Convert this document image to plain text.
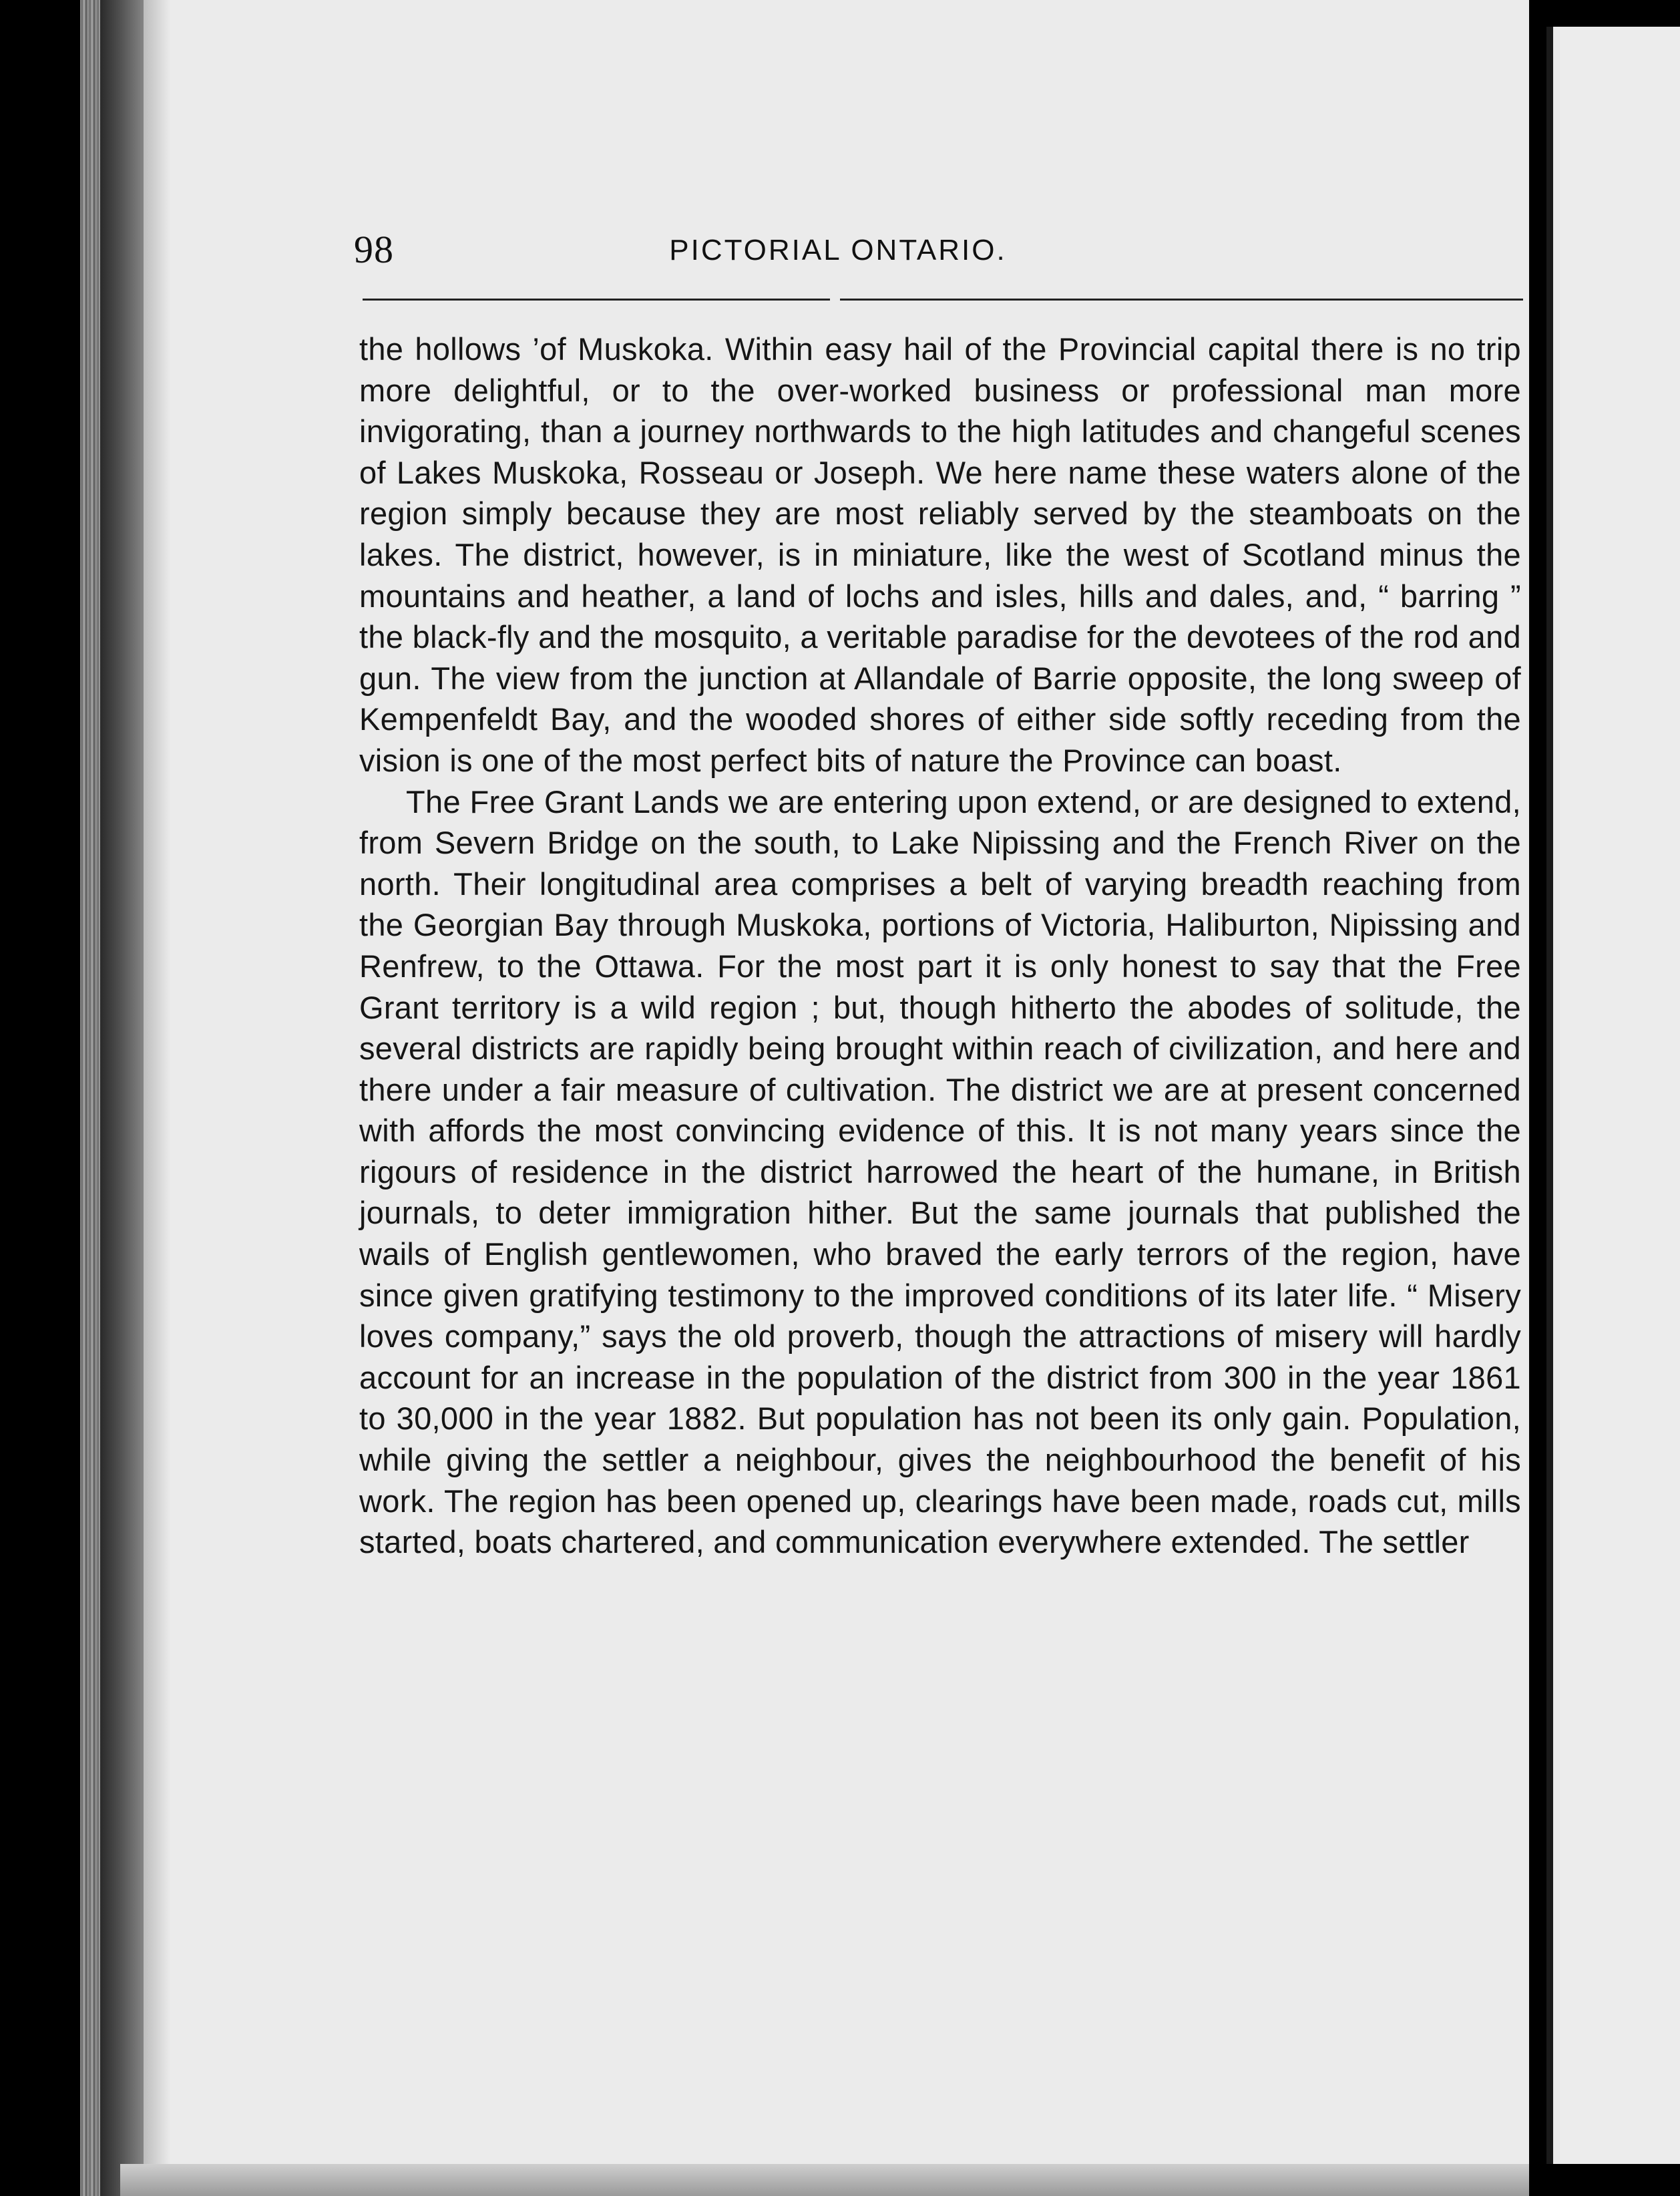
98	PICTORIAL ONTARIO.

the hollows ’of Muskoka. Within easy hail of the Provincial capital there is no trip more delightful, or to the over-worked business or professional man more invigorating, than a journey northwards to the high latitudes and changeful scenes of Lakes Muskoka, Rosseau or Joseph. We here name these waters alone of the region simply because they are most reliably served by the steamboats on the lakes. The district, however, is in miniature, like the west of Scotland minus the mountains and heather, a land of lochs and isles, hills and dales, and, “ barring ” the black-fly and the mosquito, a veritable paradise for the devotees of the rod and gun. The view from the junction at Allandale of Barrie opposite, the long sweep of Kempenfeldt Bay, and the wooded shores of either side softly receding from the vision is one of the most perfect bits of nature the Province can boast.

The Free Grant Lands we are entering upon extend, or are designed to extend, from Severn Bridge on the south, to Lake Nipissing and the French River on the north. Their longitudinal area comprises a belt of varying breadth reaching from the Georgian Bay through Muskoka, portions of Victoria, Haliburton, Nipissing and Renfrew, to the Ottawa. For the most part it is only honest to say that the Free Grant territory is a wild region ; but, though hitherto the abodes of solitude, the several districts are rapidly being brought within reach of civilization, and here and there under a fair measure of cultivation. The district we are at present concerned with affords the most convincing evidence of this. It is not many years since the rigours of residence in the district harrowed the heart of the humane, in British journals, to deter immigration hither. But the same journals that published the wails of English gentlewomen, who braved the early terrors of the region, have since given gratifying testimony to the improved conditions of its later life. “ Misery loves company,” says the old proverb, though the attractions of misery will hardly account for an increase in the population of the district from 300 in the year 1861 to 30,000 in the year 1882. But population has not been its only gain. Population, while giving the settler a neighbour, gives the neighbourhood the benefit of his work. The region has been opened up, clearings have been made, roads cut, mills started, boats chartered, and communication everywhere extended. The settler
